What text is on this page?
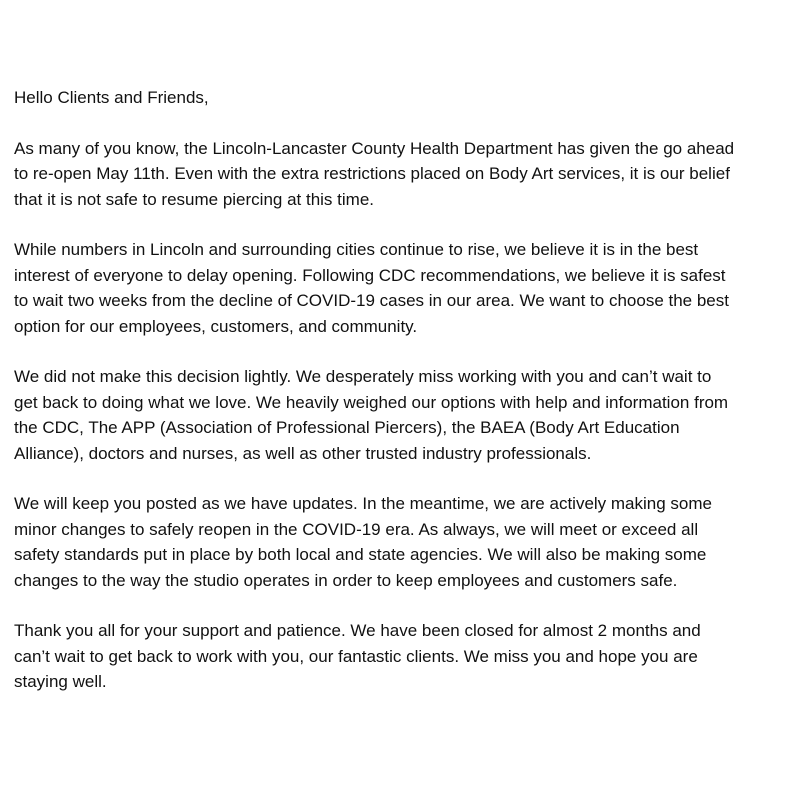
Hello Clients and Friends,

As many of you know, the Lincoln-Lancaster County Health Department has given the go ahead
to re-open May 11th. Even with the extra restrictions placed on Body Art services, it is our belief
that it is not safe to resume piercing at this time.

While numbers in Lincoln and surrounding cities continue to rise, we believe it is in the best
interest of everyone to delay opening. Following CDC recommendations, we believe it is safest
to wait two weeks from the decline of COVID-19 cases in our area. We want to choose the best
option for our employees, customers, and community.

We did not make this decision lightly. We desperately miss working with you and can’t wait to
get back to doing what we love. We heavily weighed our options with help and information from
the CDC, The APP (Association of Professional Piercers), the BAEA (Body Art Education
Alliance), doctors and nurses, as well as other trusted industry professionals.

We will keep you posted as we have updates. In the meantime, we are actively making some
minor changes to safely reopen in the COVID-19 era. As always, we will meet or exceed all
safety standards put in place by both local and state agencies. We will also be making some
changes to the way the studio operates in order to keep employees and customers safe.

Thank you all for your support and patience. We have been closed for almost 2 months and
can’t wait to get back to work with you, our fantastic clients. We miss you and hope you are
staying well.
